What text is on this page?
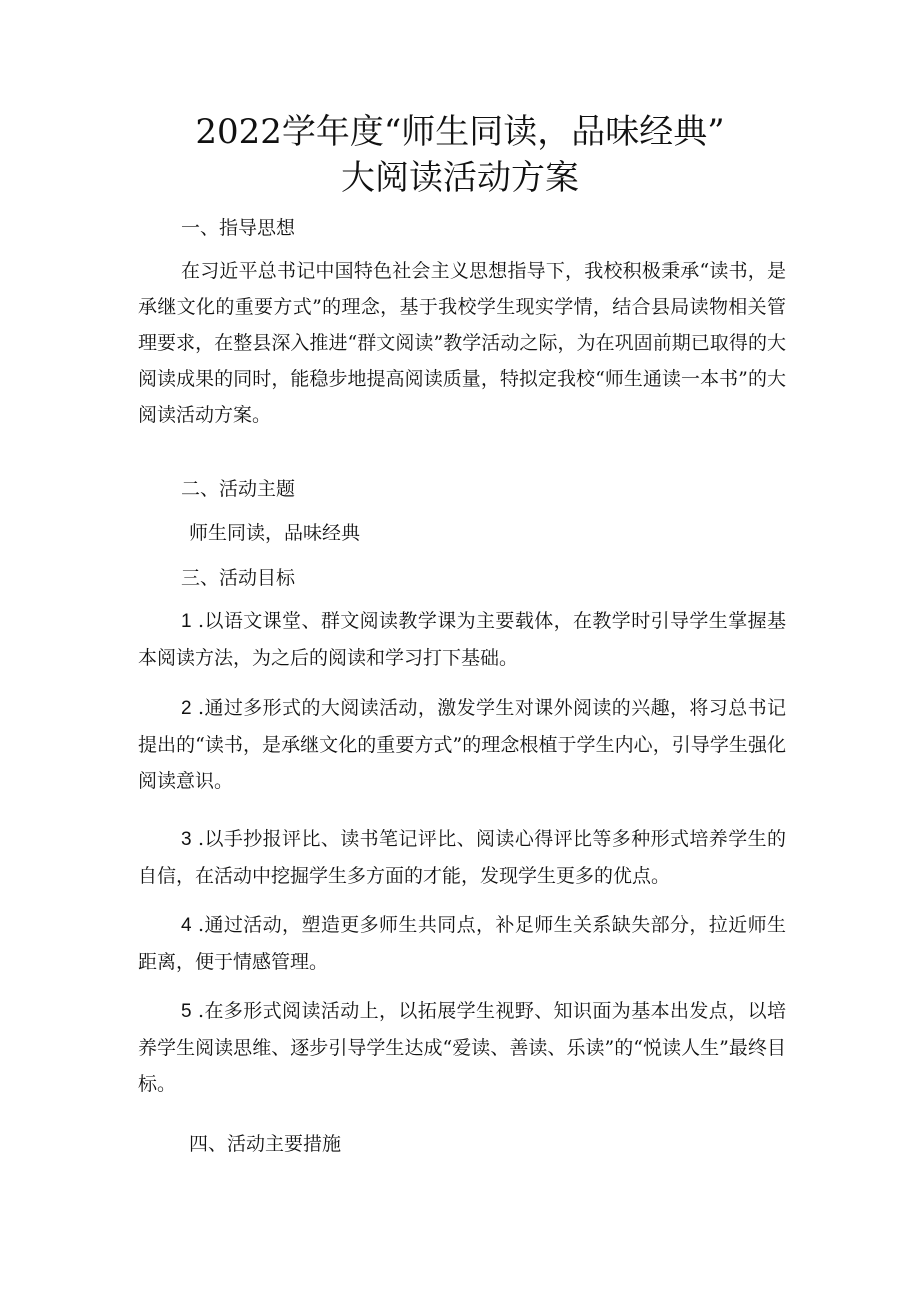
2022学年度“师生同读，品味经典”
大阅读活动方案
一、指导思想

在习近平总书记中国特色社会主义思想指导下，我校积极秉承“读书，是承继文化的重要方式”的理念，基于我校学生现实学情，结合县局读物相关管理要求，在整县深入推进“群文阅读”教学活动之际，为在巩固前期已取得的大阅读成果的同时，能稳步地提高阅读质量，特拟定我校“师生通读一本书”的大阅读活动方案。

二、活动主题
师生同读，品味经典
三、活动目标

1 .以语文课堂、群文阅读教学课为主要载体，在教学时引导学生掌握基本阅读方法，为之后的阅读和学习打下基础。

2 .通过多形式的大阅读活动，激发学生对课外阅读的兴趣，将习总书记提出的“读书，是承继文化的重要方式”的理念根植于学生内心，引导学生强化阅读意识。

3 .以手抄报评比、读书笔记评比、阅读心得评比等多种形式培养学生的自信，在活动中挖掘学生多方面的才能，发现学生更多的优点。

4 .通过活动，塑造更多师生共同点，补足师生关系缺失部分，拉近师生距离，便于情感管理。

5 .在多形式阅读活动上，以拓展学生视野、知识面为基本出发点，以培养学生阅读思维、逐步引导学生达成“爱读、善读、乐读”的“悦读人生”最终目标。

四、活动主要措施
